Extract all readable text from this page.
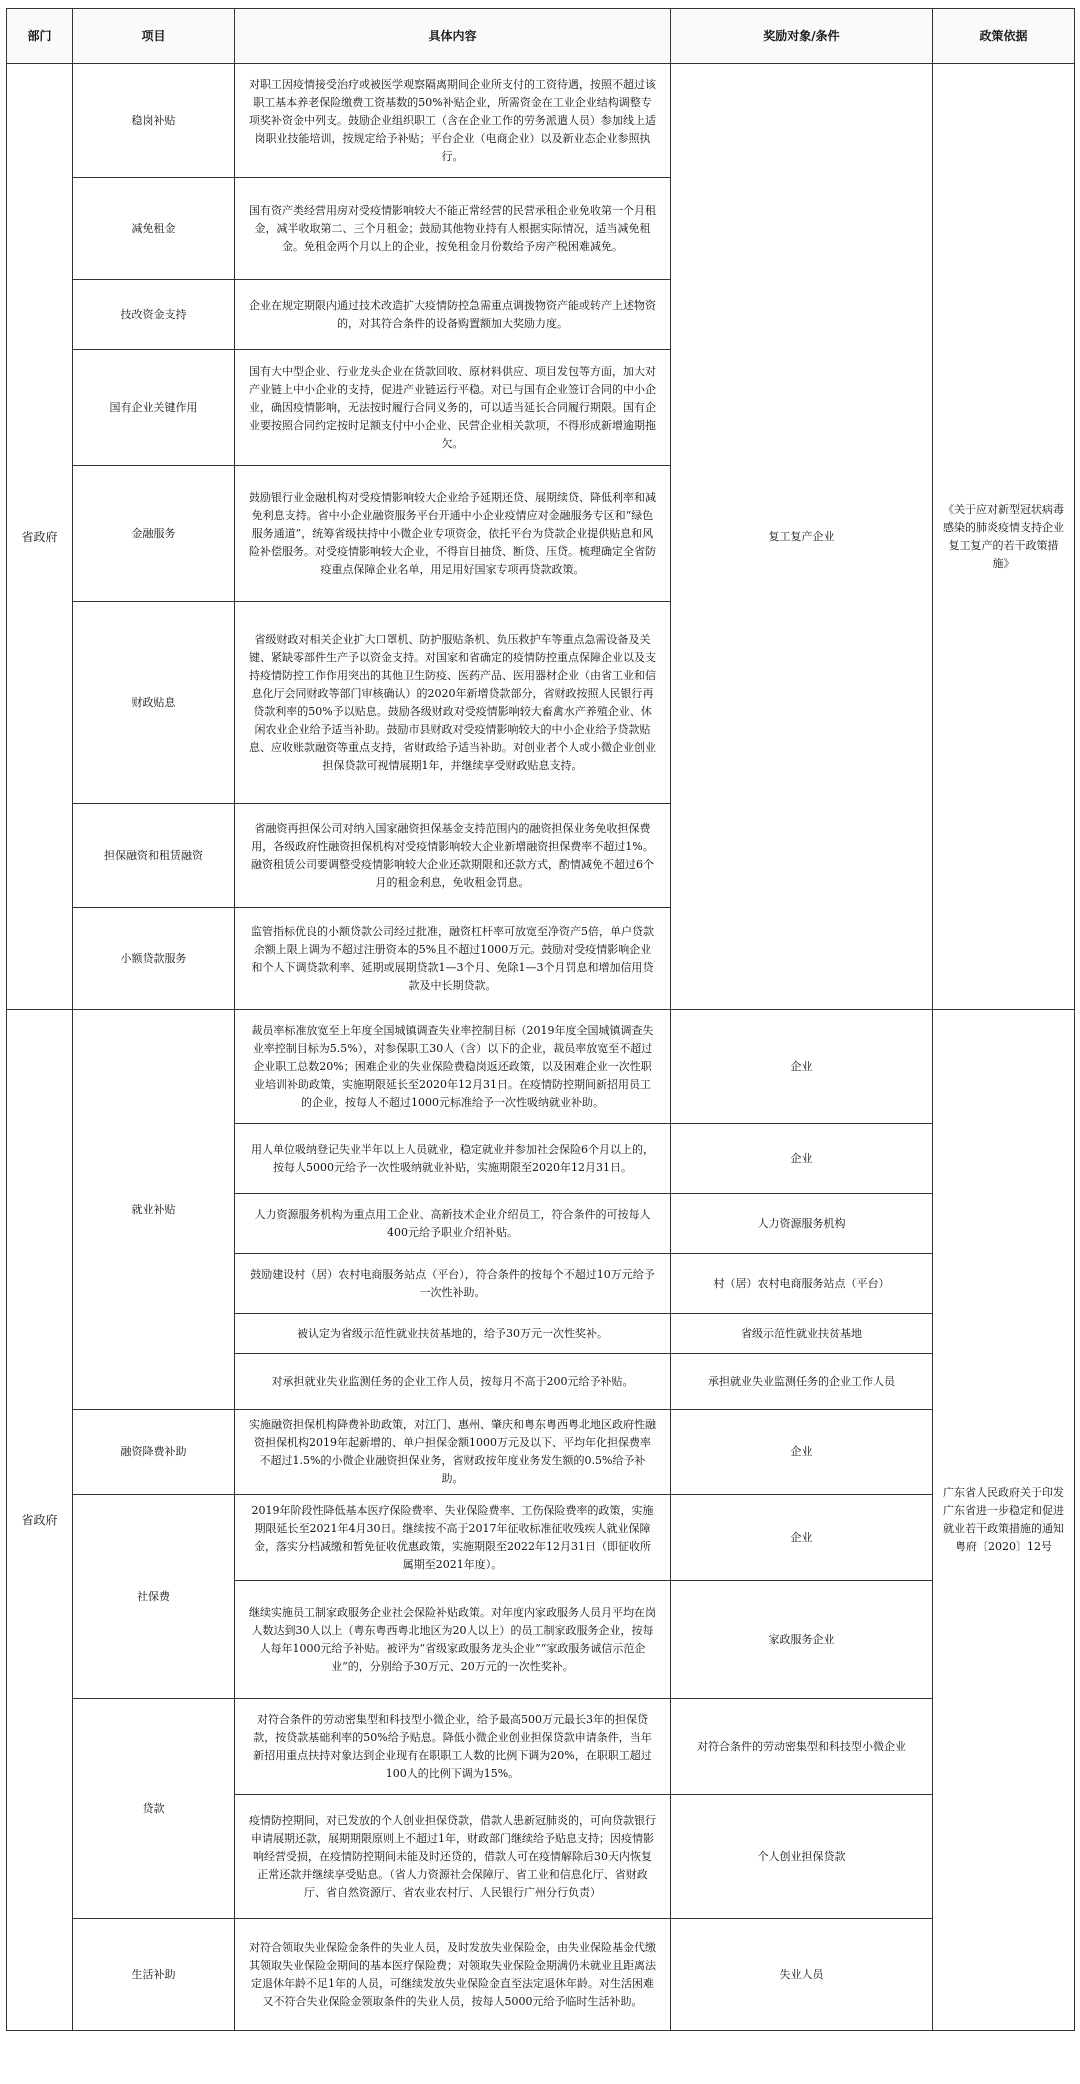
部门	项目	具体内容	奖励对象/条件	政策依据
省政府	稳岗补贴	对职工因疫情接受治疗或被医学观察隔离期间企业所支付的工资待遇，按照不超过该职工基本养老保险缴费工资基数的50%补贴企业，所需资金在工业企业结构调整专项奖补资金中列支。鼓励企业组织职工（含在企业工作的劳务派遣人员）参加线上适岗职业技能培训，按规定给予补贴；平台企业（电商企业）以及新业态企业参照执行。	复工复产企业	《关于应对新型冠状病毒感染的肺炎疫情支持企业复工复产的若干政策措施》
	减免租金	国有资产类经营用房对受疫情影响较大不能正常经营的民营承租企业免收第一个月租金，减半收取第二、三个月租金；鼓励其他物业持有人根据实际情况，适当减免租金。免租金两个月以上的企业，按免租金月份数给予房产税困难减免。		
	技改资金支持	企业在规定期限内通过技术改造扩大疫情防控急需重点调拨物资产能或转产上述物资的，对其符合条件的设备购置额加大奖励力度。		
	国有企业关键作用	国有大中型企业、行业龙头企业在货款回收、原材料供应、项目发包等方面，加大对产业链上中小企业的支持，促进产业链运行平稳。对已与国有企业签订合同的中小企业，确因疫情影响，无法按时履行合同义务的，可以适当延长合同履行期限。国有企业要按照合同约定按时足额支付中小企业、民营企业相关款项，不得形成新增逾期拖欠。		
	金融服务	鼓励银行业金融机构对受疫情影响较大企业给予延期还贷、展期续贷、降低利率和减免利息支持。省中小企业融资服务平台开通中小企业疫情应对金融服务专区和“绿色服务通道”，统筹省级扶持中小微企业专项资金，依托平台为贷款企业提供贴息和风险补偿服务。对受疫情影响较大企业，不得盲目抽贷、断贷、压贷。梳理确定全省防疫重点保障企业名单，用足用好国家专项再贷款政策。		
	财政贴息	省级财政对相关企业扩大口罩机、防护服贴条机、负压救护车等重点急需设备及关键、紧缺零部件生产予以资金支持。对国家和省确定的疫情防控重点保障企业以及支持疫情防控工作作用突出的其他卫生防疫、医药产品、医用器材企业（由省工业和信息化厅会同财政等部门审核确认）的2020年新增贷款部分，省财政按照人民银行再贷款利率的50%予以贴息。鼓励各级财政对受疫情影响较大畜禽水产养殖企业、休闲农业企业给予适当补助。鼓励市县财政对受疫情影响较大的中小企业给予贷款贴息、应收账款融资等重点支持，省财政给予适当补助。对创业者个人或小微企业创业担保贷款可视情展期1年，并继续享受财政贴息支持。		
	担保融资和租赁融资	省融资再担保公司对纳入国家融资担保基金支持范围内的融资担保业务免收担保费用，各级政府性融资担保机构对受疫情影响较大企业新增融资担保费率不超过1%。融资租赁公司要调整受疫情影响较大企业还款期限和还款方式，酌情减免不超过6个月的租金利息，免收租金罚息。		
	小额贷款服务	监管指标优良的小额贷款公司经过批准，融资杠杆率可放宽至净资产5倍，单户贷款余额上限上调为不超过注册资本的5%且不超过1000万元。鼓励对受疫情影响企业和个人下调贷款利率、延期或展期贷款1—3个月、免除1—3个月罚息和增加信用贷款及中长期贷款。		
省政府	就业补贴	裁员率标准放宽至上年度全国城镇调查失业率控制目标（2019年度全国城镇调查失业率控制目标为5.5%），对参保职工30人（含）以下的企业，裁员率放宽至不超过企业职工总数20%；困难企业的失业保险费稳岗返还政策，以及困难企业一次性职业培训补助政策，实施期限延长至2020年12月31日。在疫情防控期间新招用员工的企业，按每人不超过1000元标准给予一次性吸纳就业补助。	企业	广东省人民政府关于印发广东省进一步稳定和促进就业若干政策措施的通知粤府〔2020〕12号
		用人单位吸纳登记失业半年以上人员就业，稳定就业并参加社会保险6个月以上的，按每人5000元给予一次性吸纳就业补贴，实施期限至2020年12月31日。	企业	
		人力资源服务机构为重点用工企业、高新技术企业介绍员工，符合条件的可按每人400元给予职业介绍补贴。	人力资源服务机构	
		鼓励建设村（居）农村电商服务站点（平台），符合条件的按每个不超过10万元给予一次性补助。	村（居）农村电商服务站点（平台）	
		被认定为省级示范性就业扶贫基地的，给予30万元一次性奖补。	省级示范性就业扶贫基地	
		对承担就业失业监测任务的企业工作人员，按每月不高于200元给予补贴。	承担就业失业监测任务的企业工作人员	
	融资降费补助	实施融资担保机构降费补助政策，对江门、惠州、肇庆和粤东粤西粤北地区政府性融资担保机构2019年起新增的、单户担保金额1000万元及以下、平均年化担保费率不超过1.5%的小微企业融资担保业务，省财政按年度业务发生额的0.5%给予补助。	企业	
	社保费	2019年阶段性降低基本医疗保险费率、失业保险费率、工伤保险费率的政策，实施期限延长至2021年4月30日。继续按不高于2017年征收标准征收残疾人就业保障金，落实分档减缴和暂免征收优惠政策，实施期限至2022年12月31日（即征收所属期至2021年度）。	企业	
		继续实施员工制家政服务企业社会保险补贴政策。对年度内家政服务人员月平均在岗人数达到30人以上（粤东粤西粤北地区为20人以上）的员工制家政服务企业，按每人每年1000元给予补贴。被评为“省级家政服务龙头企业”“家政服务诚信示范企业”的，分别给予30万元、20万元的一次性奖补。	家政服务企业	
	贷款	对符合条件的劳动密集型和科技型小微企业，给予最高500万元最长3年的担保贷款，按贷款基础利率的50%给予贴息。降低小微企业创业担保贷款申请条件，当年新招用重点扶持对象达到企业现有在职职工人数的比例下调为20%，在职职工超过100人的比例下调为15%。	对符合条件的劳动密集型和科技型小微企业	
		疫情防控期间，对已发放的个人创业担保贷款，借款人患新冠肺炎的，可向贷款银行申请展期还款，展期期限原则上不超过1年，财政部门继续给予贴息支持；因疫情影响经营受损，在疫情防控期间未能及时还贷的，借款人可在疫情解除后30天内恢复正常还款并继续享受贴息。（省人力资源社会保障厅、省工业和信息化厅、省财政厅、省自然资源厅、省农业农村厅、人民银行广州分行负责）	个人创业担保贷款	
	生活补助	对符合领取失业保险金条件的失业人员，及时发放失业保险金，由失业保险基金代缴其领取失业保险金期间的基本医疗保险费；对领取失业保险金期满仍未就业且距离法定退休年龄不足1年的人员，可继续发放失业保险金直至法定退休年龄。对生活困难又不符合失业保险金领取条件的失业人员，按每人5000元给予临时生活补助。	失业人员	
